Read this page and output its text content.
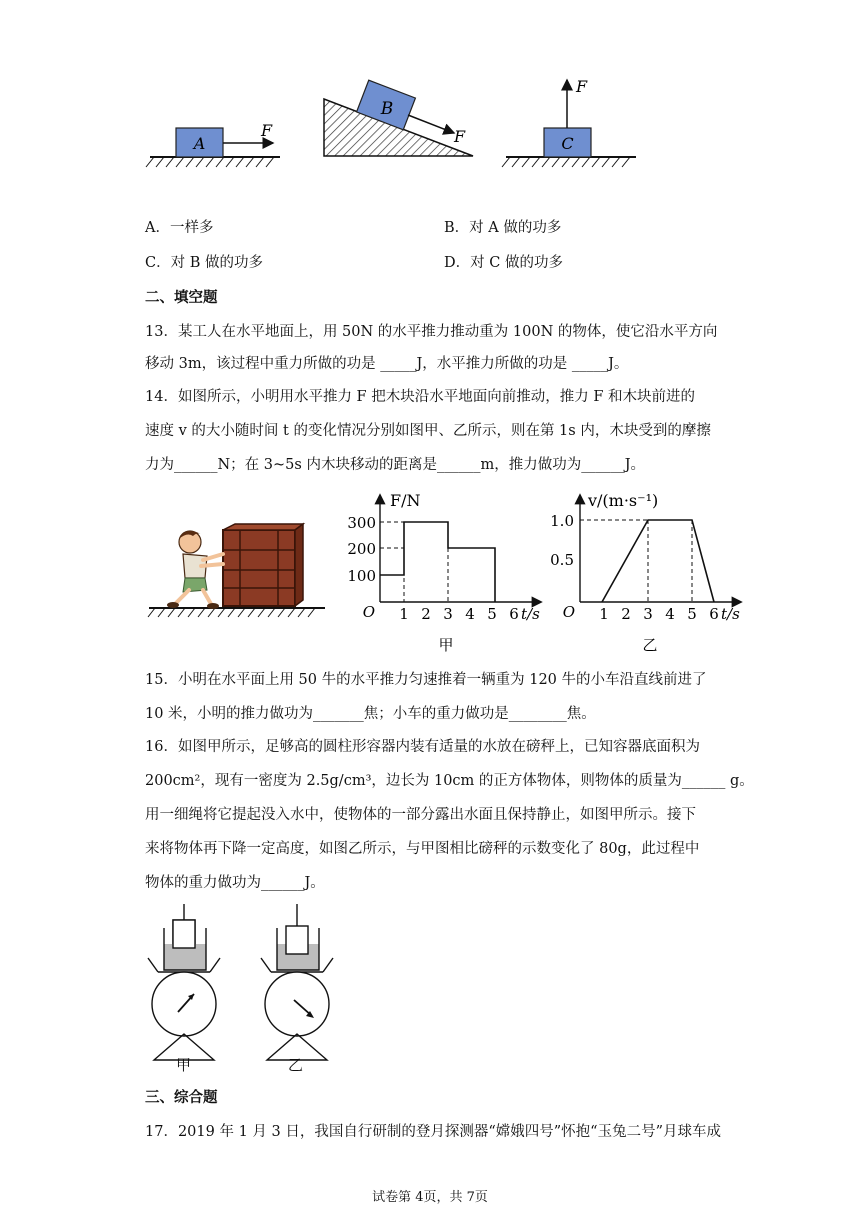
A
F
B
F	C
F
A．一样多	B．对 A 做的功多
C．对 B 做的功多	D．对 C 做的功多
二、填空题
13．某工人在水平地面上，用 50N 的水平推力推动重为 100N 的物体，使它沿水平方向
移动 3m，该过程中重力所做的功是 _____J，水平推力所做的功是 _____J。
14．如图所示，小明用水平推力 F 把木块沿水平地面向前推动，推力 F 和木块前进的
速度 v 的大小随时间 t 的变化情况分别如图甲、乙所示，则在第 1s 内，木块受到的摩擦
力为______N；在 3~5s 内木块移动的距离是______m，推力做功为______J。
F/N
O	t/s
300
200
100
1 2 3 4 5 6
甲
v/(m·s⁻¹)
O	t/s
1.0
0.5
1 2 3 4 5 6
乙
15．小明在水平面上用 50 牛的水平推力匀速推着一辆重为 120 牛的小车沿直线前进了
10 米，小明的推力做功为_______焦；小车的重力做功是________焦。
16．如图甲所示，足够高的圆柱形容器内装有适量的水放在磅秤上，已知容器底面积为
200cm²，现有一密度为 2.5g/cm³，边长为 10cm 的正方体物体，则物体的质量为______ g。
用一细绳将它提起没入水中，使物体的一部分露出水面且保持静止，如图甲所示。接下
来将物体再下降一定高度，如图乙所示，与甲图相比磅秤的示数变化了 80g，此过程中
物体的重力做功为______J。
甲	乙
三、综合题
17．2019 年 1 月 3 日，我国自行研制的登月探测器“嫦娥四号”怀抱“玉兔二号”月球车成
试卷第 4页，共 7页
